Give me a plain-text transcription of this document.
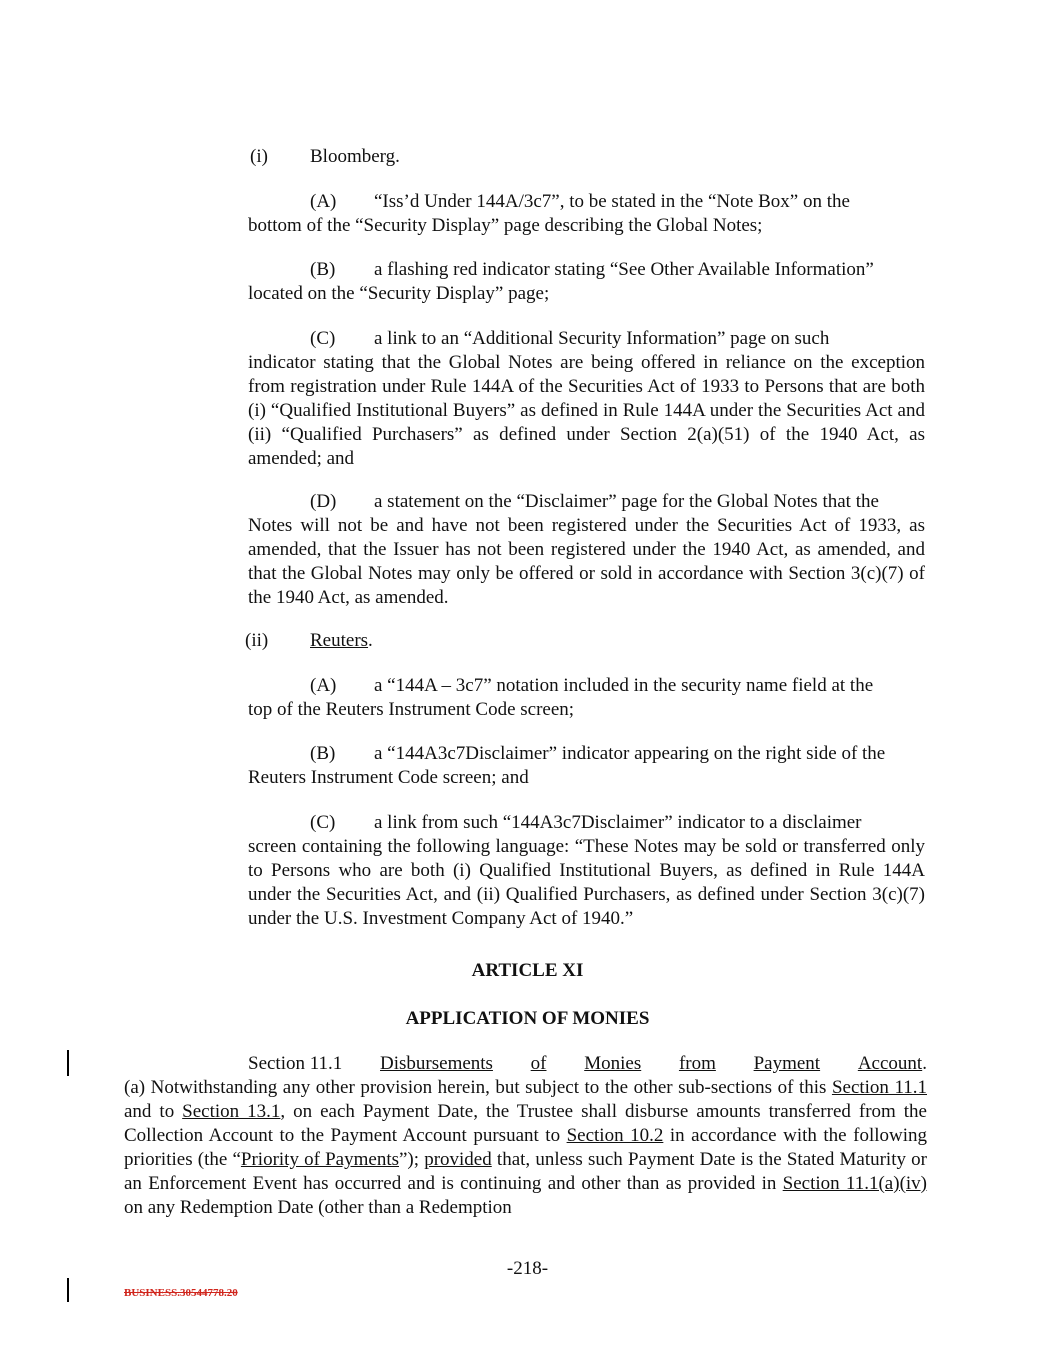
(i) Bloomberg.

(A) “Iss’d Under 144A/3c7”, to be stated in the “Note Box” on the

bottom of the “Security Display” page describing the Global Notes;

(B) a flashing red indicator stating “See Other Available Information”

located on the “Security Display” page;

(C) a link to an “Additional Security Information” page on such

indicator stating that the Global Notes are being offered in reliance on the exception from registration under Rule 144A of the Securities Act of 1933 to Persons that are both (i) “Qualified Institutional Buyers” as defined in Rule 144A under the Securities Act and (ii) “Qualified Purchasers” as defined under Section 2(a)(51) of the 1940 Act, as amended; and

(D) a statement on the “Disclaimer” page for the Global Notes that the

Notes will not be and have not been registered under the Securities Act of 1933, as amended, that the Issuer has not been registered under the 1940 Act, as amended, and that the Global Notes may only be offered or sold in accordance with Section 3(c)(7) of the 1940 Act, as amended.

(ii) Reuters.

(A) a “144A – 3c7” notation included in the security name field at the

top of the Reuters Instrument Code screen;

(B) a “144A3c7Disclaimer” indicator appearing on the right side of the

Reuters Instrument Code screen; and

(C) a link from such “144A3c7Disclaimer” indicator to a disclaimer

screen containing the following language: “These Notes may be sold or transferred only to Persons who are both (i) Qualified Institutional Buyers, as defined in Rule 144A under the Securities Act, and (ii) Qualified Purchasers, as defined under Section 3(c)(7) under the U.S. Investment Company Act of 1940.”

ARTICLE XI
APPLICATION OF MONIES
Section 11.1 Disbursements of Monies from Payment Account.
(a) Notwithstanding any other provision herein, but subject to the other sub-sections of this Section 11.1 and to Section 13.1, on each Payment Date, the Trustee shall disburse amounts transferred from the Collection Account to the Payment Account pursuant to Section 10.2 in accordance with the following priorities (the “Priority of Payments”); provided that, unless such Payment Date is the Stated Maturity or an Enforcement Event has occurred and is continuing and other than as provided in Section 11.1(a)(iv) on any Redemption Date (other than a Redemption
-218-
BUSINESS.30544778.20
